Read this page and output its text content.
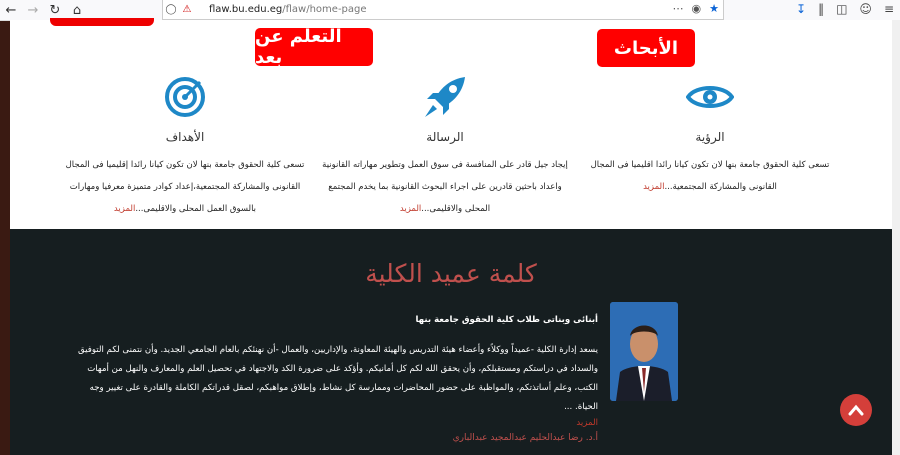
← → ↻ ⌂	◯ ⚠	flaw.bu.edu.eg/flaw/home-page	⋯ ◉ ★	↧ ‖ ◫ ☺ ≡
التعلم عن بعد	الأبحاث
الأهداف

تسعى كلية الحقوق جامعة بنها لان تكون كيانا رائدا إقليميا فى المجال القانونى والمشاركة المجتمعية،إعداد كوادر متميزة معرفيا ومهارات بالسوق العمل المحلى والاقليمى...المزيد

الرسالة

إيجاد جيل قادر على المنافسة فى سوق العمل وتطوير مهاراته القانونية واعداد باحثين قادرين على اجراء البحوث القانونية بما يخدم المجتمع المحلى والاقليمى...المزيد

الرؤية

تسعى كلية الحقوق جامعة بنها لان تكون كيانا رائدا اقليميا فى المجال القانونى والمشاركة المجتمعية...المزيد

كلمة عميد الكلية
أبنائى وبناتى طلاب كلية الحقوق جامعة بنها

يسعد إدارة الكلية -عميداً ووكلاًء وأعضاء هيئة التدريس والهيئة المعاونة، والإداريين، والعمال -أن نهنئكم بالعام الجامعي الجديد. وأن نتمنى لكم التوفيق والسداد في دراستكم ومستقبلكم، وأن يحقق الله لكم كل أمانيكم. وأؤكد على ضرورة الكد والاجتهاد في تحصيل العلم والمعارف والنهل من أمهات الكتب، وعلم أساتذتكم، والمواظبة على حضور المحاضرات وممارسة كل نشاط، وإطلاق مواهبكم، لصقل قدراتكم الكاملة والقادرة على تغيير وجه الحياة. ...

المزيد
أ.د. رضا عبدالحليم عبدالمجيد عبدالباري
